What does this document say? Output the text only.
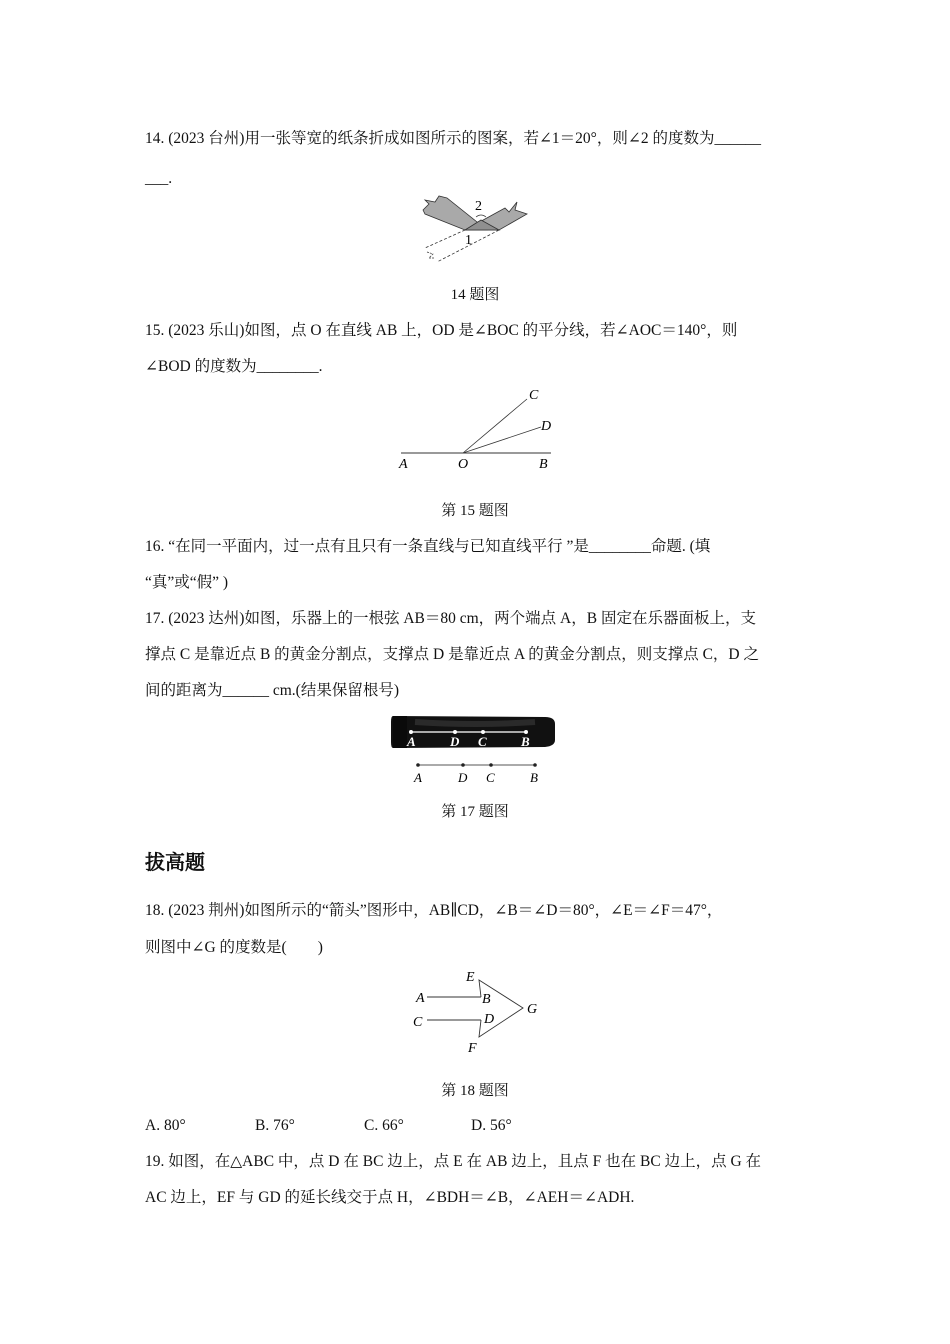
14. (2023 台州)用一张等宽的纸条折成如图所示的图案，若∠1＝20°，则∠2 的度数为______
___.
2
1
14 题图
15. (2023 乐山)如图，点 O 在直线 AB 上，OD 是∠BOC 的平分线，若∠AOC＝140°，则
∠BOD 的度数为________.
A	O	B
C
D
第 15 题图
16. “在同一平面内，过一点有且只有一条直线与已知直线平行 ”是________命题. (填
“真”或“假” )
17. (2023 达州)如图，乐器上的一根弦 AB＝80 cm，两个端点 A，B 固定在乐器面板上，支
撑点 C 是靠近点 B 的黄金分割点，支撑点 D 是靠近点 A 的黄金分割点，则支撑点 C，D 之
间的距离为______ cm.(结果保留根号)
A	D C	B
A	D C	B
第 17 题图
拔高题
18. (2023 荆州)如图所示的“箭头”图形中，AB∥CD，∠B＝∠D＝80°，∠E＝∠F＝47°，
则图中∠G 的度数是(　　)
A
C
E
B
D
F
G
第 18 题图
A. 80°	B. 76°	C. 66°	D. 56°
19. 如图，在△ABC 中，点 D 在 BC 边上，点 E 在 AB 边上，且点 F 也在 BC 边上，点 G 在
AC 边上，EF 与 GD 的延长线交于点 H，∠BDH＝∠B，∠AEH＝∠ADH.
